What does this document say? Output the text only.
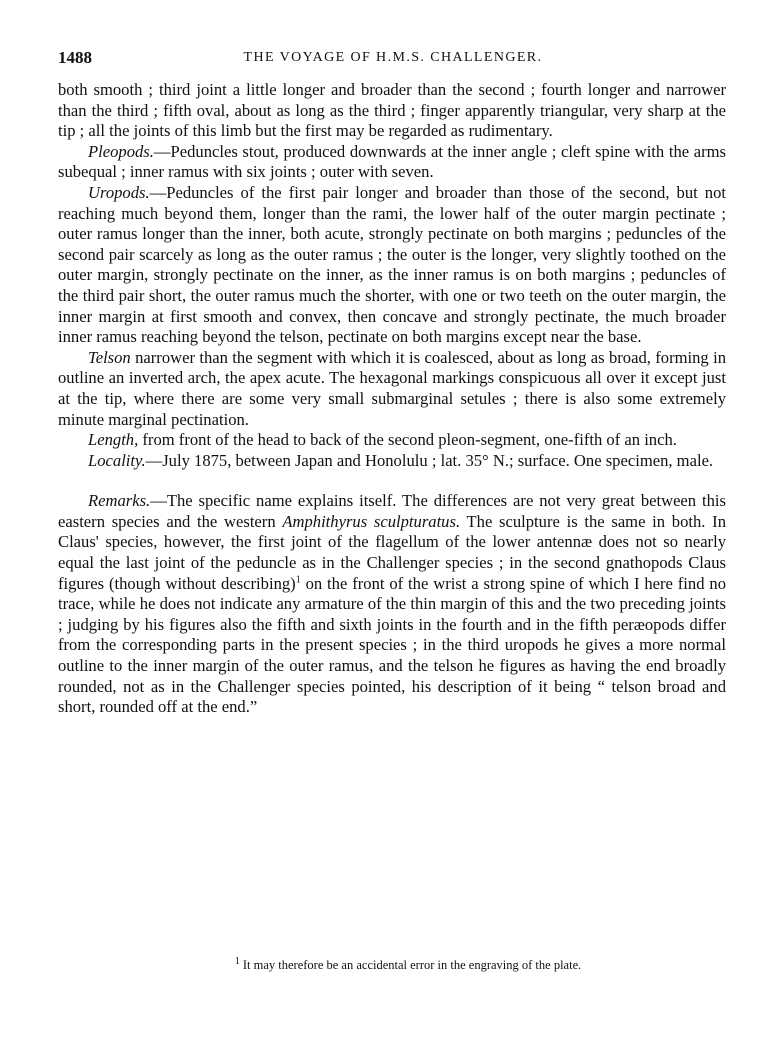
1488	THE VOYAGE OF H.M.S. CHALLENGER.

both smooth ; third joint a little longer and broader than the second ; fourth longer and narrower than the third ; fifth oval, about as long as the third ; finger apparently triangular, very sharp at the tip ; all the joints of this limb but the first may be regarded as rudimentary.

Pleopods.—Peduncles stout, produced downwards at the inner angle ; cleft spine with the arms subequal ; inner ramus with six joints ; outer with seven.

Uropods.—Peduncles of the first pair longer and broader than those of the second, but not reaching much beyond them, longer than the rami, the lower half of the outer margin pectinate ; outer ramus longer than the inner, both acute, strongly pectinate on both margins ; peduncles of the second pair scarcely as long as the outer ramus ; the outer is the longer, very slightly toothed on the outer margin, strongly pectinate on the inner, as the inner ramus is on both margins ; peduncles of the third pair short, the outer ramus much the shorter, with one or two teeth on the outer margin, the inner margin at first smooth and convex, then concave and strongly pectinate, the much broader inner ramus reaching beyond the telson, pectinate on both margins except near the base.

Telson narrower than the segment with which it is coalesced, about as long as broad, forming in outline an inverted arch, the apex acute. The hexagonal markings conspicuous all over it except just at the tip, where there are some very small submarginal setules ; there is also some extremely minute marginal pectination.

Length, from front of the head to back of the second pleon-segment, one-fifth of an inch.

Locality.—July 1875, between Japan and Honolulu ; lat. 35° N.; surface. One specimen, male.

Remarks.—The specific name explains itself. The differences are not very great between this eastern species and the western Amphithyrus sculpturatus. The sculpture is the same in both. In Claus' species, however, the first joint of the flagellum of the lower antennæ does not so nearly equal the last joint of the peduncle as in the Challenger species ; in the second gnathopods Claus figures (though without describing)$^1$ on the front of the wrist a strong spine of which I here find no trace, while he does not indicate any armature of the thin margin of this and the two preceding joints ; judging by his figures also the fifth and sixth joints in the fourth and in the fifth peræopods differ from the corresponding parts in the present species ; in the third uropods he gives a more normal outline to the inner margin of the outer ramus, and the telson he figures as having the end broadly rounded, not as in the Challenger species pointed, his description of it being “ telson broad and short, rounded off at the end.”

$^1$ It may therefore be an accidental error in the engraving of the plate.
